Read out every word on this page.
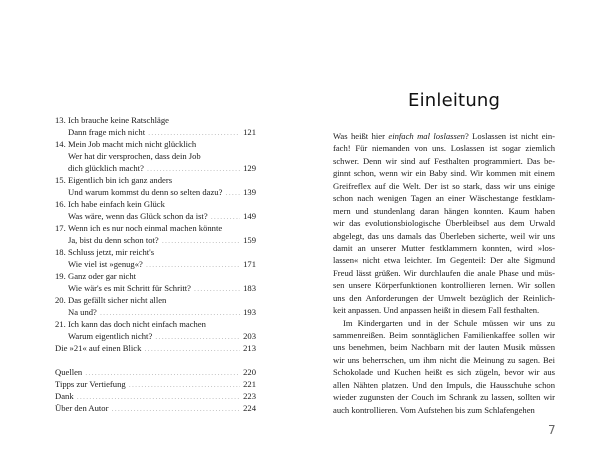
13. Ich brauche keine Ratschläge
Dann frage mich nicht .....	121
14. Mein Job macht mich nicht glücklich
Wer hat dir versprochen, dass dein Job
dich glücklich macht? .....	129
15. Eigentlich bin ich ganz anders
Und warum kommst du denn so selten dazu? ..... 139
16. Ich habe einfach kein Glück
Was wäre, wenn das Glück schon da ist? .....	149
17. Wenn ich es nur noch einmal machen könnte
Ja, bist du denn schon tot? .....	159
18. Schluss jetzt, mir reicht's
Wie viel ist »genug«? .....	171
19. Ganz oder gar nicht
Wie wär's es mit Schritt für Schritt? .....	183
20. Das gefällt sicher nicht allen
Na und? .....	193
21. Ich kann das doch nicht einfach machen
Warum eigentlich nicht? .....	203
Die »21« auf einen Blick .....	213
Quellen .....	220
Tipps zur Vertiefung .....	221
Dank .....	223
Über den Autor .....	224
Einleitung
Was heißt hier einfach mal loslassen? Loslassen ist nicht ein-
fach! Für niemanden von uns. Loslassen ist sogar ziemlich
schwer. Denn wir sind auf Festhalten programmiert. Das be-
ginnt schon, wenn wir ein Baby sind. Wir kommen mit einem
Greifreflex auf die Welt. Der ist so stark, dass wir uns einige
schon nach wenigen Tagen an einer Wäschestange festklam-
mern und stundenlang daran hängen konnten. Kaum haben
wir das evolutionsbiologische Überbleibsel aus dem Urwald
abgelegt, das uns damals das Überleben sicherte, weil wir uns
damit an unserer Mutter festklammern konnten, wird »los-
lassen« nicht etwa leichter. Im Gegenteil: Der alte Sigmund
Freud lässt grüßen. Wir durchlaufen die anale Phase und müs-
sen unsere Körperfunktionen kontrollieren lernen. Wir sollen
uns den Anforderungen der Umwelt bezüglich der Reinlich-
keit anpassen. Und anpassen heißt in diesem Fall festhalten.
Im Kindergarten und in der Schule müssen wir uns zu
sammenreißen. Beim sonntäglichen Familienkaffee sollen wir
uns benehmen, beim Nachbarn mit der lauten Musik müssen
wir uns beherrschen, um ihm nicht die Meinung zu sagen. Bei
Schokolade und Kuchen heißt es sich zügeln, bevor wir aus
allen Nähten platzen. Und den Impuls, die Hausschuhe schon
wieder zugunsten der Couch im Schrank zu lassen, sollten wir
auch kontrollieren. Vom Aufstehen bis zum Schlafengehen
7
